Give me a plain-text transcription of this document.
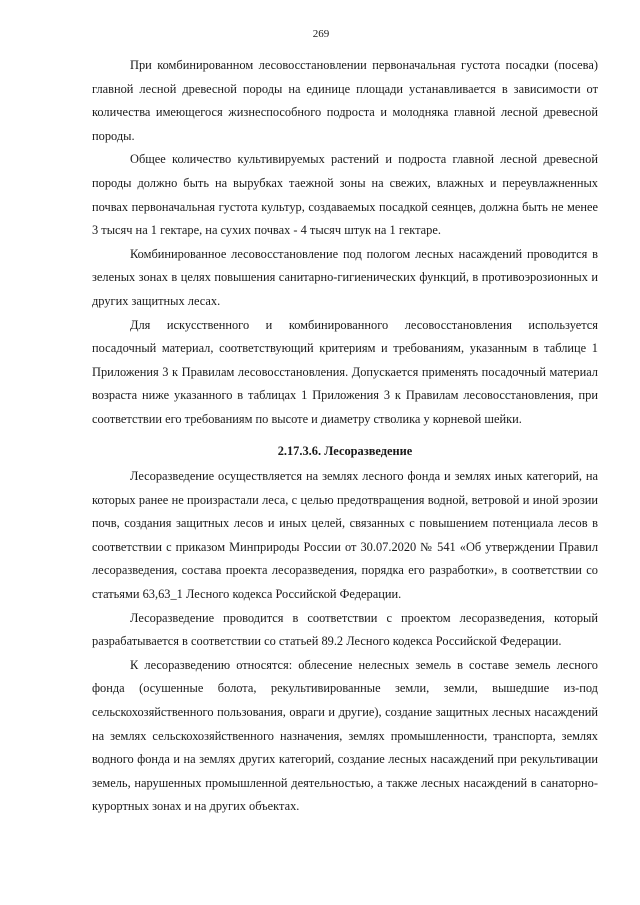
269

При комбинированном лесовосстановлении первоначальная густота посадки (посева) главной лесной древесной породы на единице площади устанавливается в зависимости от количества имеющегося жизнеспособного подроста и молодняка главной лесной древесной породы.

Общее количество культивируемых растений и подроста главной лесной древесной породы должно быть на вырубках таежной зоны на свежих, влажных и переувлажненных почвах первоначальная густота культур, создаваемых посадкой сеянцев, должна быть не менее 3 тысяч на 1 гектаре, на сухих почвах - 4 тысяч штук на 1 гектаре.

Комбинированное лесовосстановление под пологом лесных насаждений проводится в зеленых зонах в целях повышения санитарно-гигиенических функций, в противоэрозионных и других защитных лесах.

Для искусственного и комбинированного лесовосстановления используется посадочный материал, соответствующий критериям и требованиям, указанным в таблице 1 Приложения 3 к Правилам лесовосстановления. Допускается применять посадочный материал возраста ниже указанного в таблицах 1 Приложения 3 к Правилам лесовосстановления, при соответствии его требованиям по высоте и диаметру стволика у корневой шейки.

2.17.3.6. Лесоразведение

Лесоразведение осуществляется на землях лесного фонда и землях иных категорий, на которых ранее не произрастали леса, с целью предотвращения водной, ветровой и иной эрозии почв, создания защитных лесов и иных целей, связанных с повышением потенциала лесов в соответствии с приказом Минприроды России от 30.07.2020 № 541 «Об утверждении Правил лесоразведения, состава проекта лесоразведения, порядка его разработки», в соответствии со статьями 63,63_1 Лесного кодекса Российской Федерации.

Лесоразведение проводится в соответствии с проектом лесоразведения, который разрабатывается в соответствии со статьей 89.2 Лесного кодекса Российской Федерации.

К лесоразведению относятся: облесение нелесных земель в составе земель лесного фонда (осушенные болота, рекультивированные земли, земли, вышедшие из-под сельскохозяйственного пользования, овраги и другие), создание защитных лесных насаждений на землях сельскохозяйственного назначения, землях промышленности, транспорта, землях водного фонда и на землях других категорий, создание лесных насаждений при рекультивации земель, нарушенных промышленной деятельностью, а также лесных насаждений в санаторно-курортных зонах и на других объектах.
